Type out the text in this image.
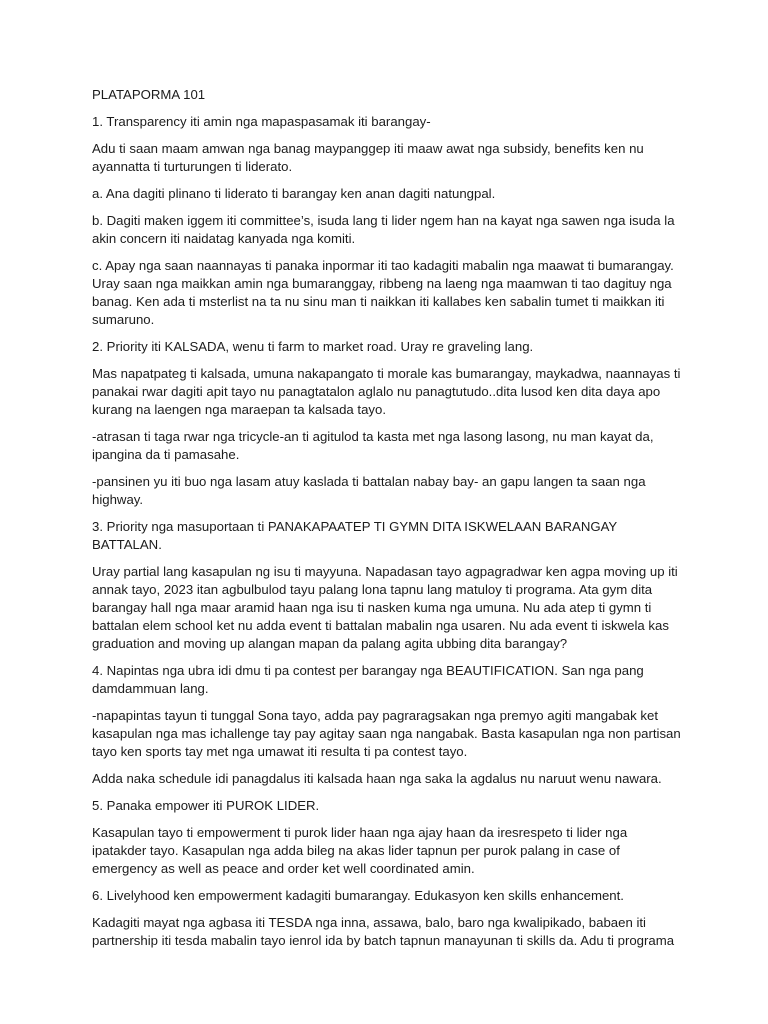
PLATAPORMA 101

1. Transparency iti amin nga mapaspasamak iti barangay-

Adu ti saan maam amwan nga banag maypanggep iti maaw awat nga subsidy, benefits ken nu ayannatta ti turturungen ti liderato.

a. Ana dagiti plinano ti liderato ti barangay ken anan dagiti natungpal.

b. Dagiti maken iggem iti committee’s, isuda lang ti lider ngem han na kayat nga sawen nga isuda la akin concern iti naidatag kanyada nga komiti.

c. Apay nga saan naannayas ti panaka inpormar iti tao kadagiti mabalin nga maawat ti bumarangay. Uray saan nga maikkan amin nga bumaranggay, ribbeng na laeng nga maamwan ti tao dagituy nga banag. Ken ada ti msterlist na ta nu sinu man ti naikkan iti kallabes ken sabalin tumet ti maikkan iti sumaruno.

2. Priority iti KALSADA, wenu ti farm to market road. Uray re graveling lang.

Mas napatpateg ti kalsada, umuna nakapangato ti morale kas bumarangay, maykadwa, naannayas ti panakai rwar dagiti apit tayo nu panagtatalon aglalo nu panagtutudo..dita lusod ken dita daya apo kurang na laengen nga maraepan ta kalsada tayo.

-atrasan ti taga rwar nga tricycle-an ti agitulod ta kasta met nga lasong lasong, nu man kayat da, ipangina da ti pamasahe.

-pansinen yu iti buo nga lasam atuy kaslada ti battalan nabay bay- an gapu langen ta saan nga highway.

3. Priority nga masuportaan ti PANAKAPAATEP TI GYMN DITA ISKWELAAN BARANGAY BATTALAN.

Uray partial lang kasapulan ng isu ti mayyuna. Napadasan tayo agpagradwar ken agpa moving up iti annak tayo, 2023 itan agbulbulod tayu palang lona tapnu lang matuloy ti programa. Ata gym dita barangay hall nga maar aramid haan nga isu ti nasken kuma nga umuna. Nu ada atep ti gymn ti battalan elem school ket nu adda event ti battalan mabalin nga usaren. Nu ada event ti iskwela kas graduation and moving up alangan mapan da palang agita ubbing dita barangay?

4. Napintas nga ubra idi dmu ti pa contest per barangay nga BEAUTIFICATION. San nga pang damdammuan lang.

-napapintas tayun ti tunggal Sona tayo, adda pay pagraragsakan nga premyo agiti mangabak ket kasapulan nga mas ichallenge tay pay agitay saan nga nangabak. Basta kasapulan nga non partisan tayo ken sports tay met nga umawat iti resulta ti pa contest tayo.

Adda naka schedule idi panagdalus iti kalsada haan nga saka la agdalus nu naruut wenu nawara.

5. Panaka empower iti PUROK LIDER.

Kasapulan tayo ti empowerment ti purok lider haan nga ajay haan da iresrespeto ti lider nga ipatakder tayo. Kasapulan nga adda bileg na akas lider tapnun per purok palang in case of emergency as well as peace and order ket well coordinated amin.

6. Livelyhood ken empowerment kadagiti bumarangay. Edukasyon ken skills enhancement.

Kadagiti mayat nga agbasa iti TESDA nga inna, assawa, balo, baro nga kwalipikado, babaen iti partnership iti tesda mabalin tayo ienrol ida by batch tapnun manayunan ti skills da. Adu ti programa
